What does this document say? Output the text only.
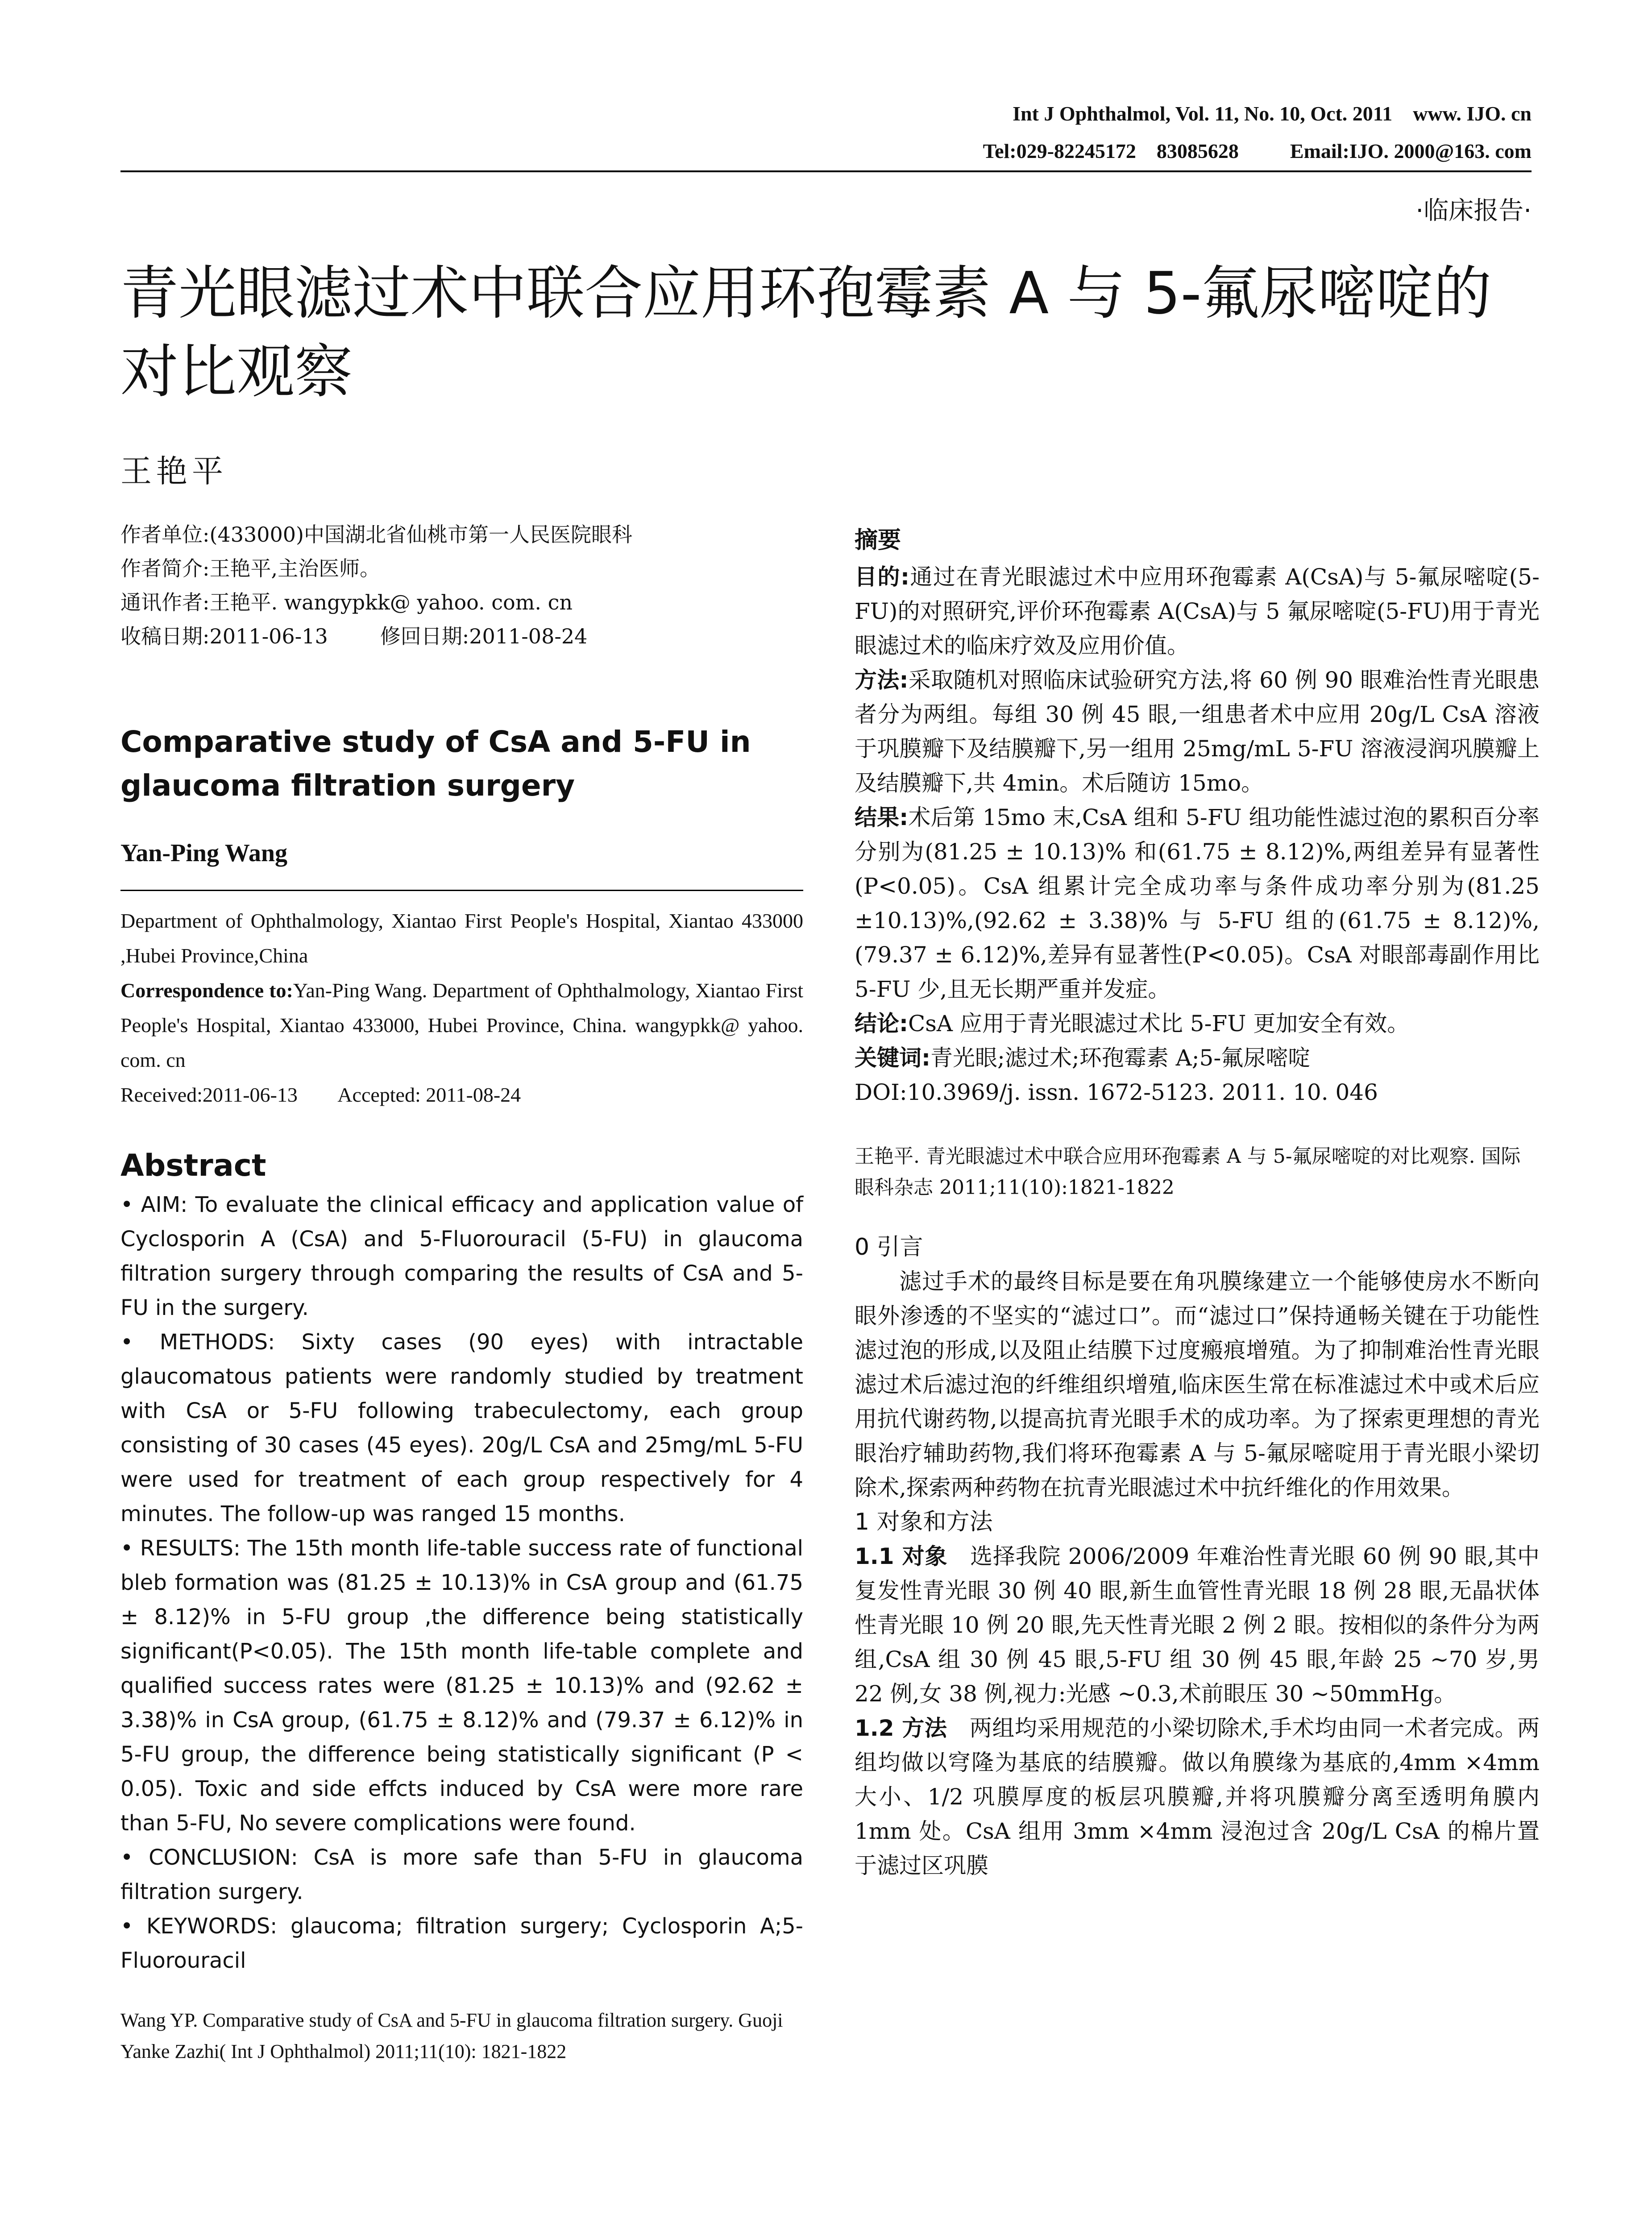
Int J Ophthalmol, Vol. 11, No. 10, Oct. 2011    www. IJO. cn
Tel:029-82245172    83085628          Email:IJO. 2000@163. com
·临床报告·
青光眼滤过术中联合应用环孢霉素 A 与 5-氟尿嘧啶的对比观察
王艳平

作者单位:(433000)中国湖北省仙桃市第一人民医院眼科

作者简介:王艳平,主治医师。

通讯作者:王艳平. wangypkk@ yahoo. com. cn

收稿日期:2011-06-13        修回日期:2011-08-24

Comparative study of CsA and 5-FU in glaucoma filtration surgery
Yan-Ping Wang

Department of Ophthalmology, Xiantao First People's Hospital, Xiantao 433000 ,Hubei Province,China

Correspondence to:Yan-Ping Wang. Department of Ophthalmology, Xiantao First People's Hospital, Xiantao 433000, Hubei Province, China. wangypkk@ yahoo. com. cn

Received:2011-06-13        Accepted: 2011-08-24

Abstract

• AIM: To evaluate the clinical efficacy and application value of Cyclosporin A (CsA) and 5-Fluorouracil (5-FU) in glaucoma filtration surgery through comparing the results of CsA and 5-FU in the surgery.

• METHODS: Sixty cases (90 eyes) with intractable glaucomatous patients were randomly studied by treatment with CsA or 5-FU following trabeculectomy, each group consisting of 30 cases (45 eyes). 20g/L CsA and 25mg/mL 5-FU were used for treatment of each group respectively for 4 minutes. The follow-up was ranged 15 months.

• RESULTS: The 15th month life-table success rate of functional bleb formation was (81.25 ± 10.13)% in CsA group and (61.75 ± 8.12)% in 5-FU group ,the difference being statistically significant(P<0.05). The 15th month life-table complete and qualified success rates were (81.25 ± 10.13)% and (92.62 ± 3.38)% in CsA group, (61.75 ± 8.12)% and (79.37 ± 6.12)% in 5-FU group, the difference being statistically significant (P < 0.05). Toxic and side effcts induced by CsA were more rare than 5-FU, No severe complications were found.

• CONCLUSION: CsA is more safe than 5-FU in glaucoma filtration surgery.

• KEYWORDS: glaucoma; filtration surgery; Cyclosporin A;5-Fluorouracil

Wang YP. Comparative study of CsA and 5-FU in glaucoma filtration surgery. Guoji Yanke Zazhi( Int J Ophthalmol) 2011;11(10): 1821-1822
摘要

目的:通过在青光眼滤过术中应用环孢霉素 A(CsA)与 5-氟尿嘧啶(5-FU)的对照研究,评价环孢霉素 A(CsA)与 5 氟尿嘧啶(5-FU)用于青光眼滤过术的临床疗效及应用价值。

方法:采取随机对照临床试验研究方法,将 60 例 90 眼难治性青光眼患者分为两组。每组 30 例 45 眼,一组患者术中应用 20g/L CsA 溶液于巩膜瓣下及结膜瓣下,另一组用 25mg/mL 5-FU 溶液浸润巩膜瓣上及结膜瓣下,共 4min。术后随访 15mo。

结果:术后第 15mo 末,CsA 组和 5-FU 组功能性滤过泡的累积百分率分别为(81.25 ± 10.13)% 和(61.75 ± 8.12)%,两组差异有显著性(P<0.05)。CsA 组累计完全成功率与条件成功率分别为(81.25 ±10.13)%,(92.62 ± 3.38)% 与 5-FU 组的(61.75 ± 8.12)%,(79.37 ± 6.12)%,差异有显著性(P<0.05)。CsA 对眼部毒副作用比 5-FU 少,且无长期严重并发症。

结论:CsA 应用于青光眼滤过术比 5-FU 更加安全有效。

关键词:青光眼;滤过术;环孢霉素 A;5-氟尿嘧啶

DOI:10.3969/j. issn. 1672-5123. 2011. 10. 046

王艳平. 青光眼滤过术中联合应用环孢霉素 A 与 5-氟尿嘧啶的对比观察. 国际眼科杂志 2011;11(10):1821-1822
0 引言

滤过手术的最终目标是要在角巩膜缘建立一个能够使房水不断向眼外渗透的不坚实的“滤过口”。而“滤过口”保持通畅关键在于功能性滤过泡的形成,以及阻止结膜下过度瘢痕增殖。为了抑制难治性青光眼滤过术后滤过泡的纤维组织增殖,临床医生常在标准滤过术中或术后应用抗代谢药物,以提高抗青光眼手术的成功率。为了探索更理想的青光眼治疗辅助药物,我们将环孢霉素 A 与 5-氟尿嘧啶用于青光眼小梁切除术,探索两种药物在抗青光眼滤过术中抗纤维化的作用效果。

1 对象和方法

1.1 对象  选择我院 2006/2009 年难治性青光眼 60 例 90 眼,其中复发性青光眼 30 例 40 眼,新生血管性青光眼 18 例 28 眼,无晶状体性青光眼 10 例 20 眼,先天性青光眼 2 例 2 眼。按相似的条件分为两组,CsA 组 30 例 45 眼,5-FU 组 30 例 45 眼,年龄 25 ~70 岁,男 22 例,女 38 例,视力:光感 ~0.3,术前眼压 30 ~50mmHg。

1.2 方法  两组均采用规范的小梁切除术,手术均由同一术者完成。两组均做以穹隆为基底的结膜瓣。做以角膜缘为基底的,4mm ×4mm 大小、1/2 巩膜厚度的板层巩膜瓣,并将巩膜瓣分离至透明角膜内 1mm 处。CsA 组用 3mm ×4mm 浸泡过含 20g/L CsA 的棉片置于滤过区巩膜
